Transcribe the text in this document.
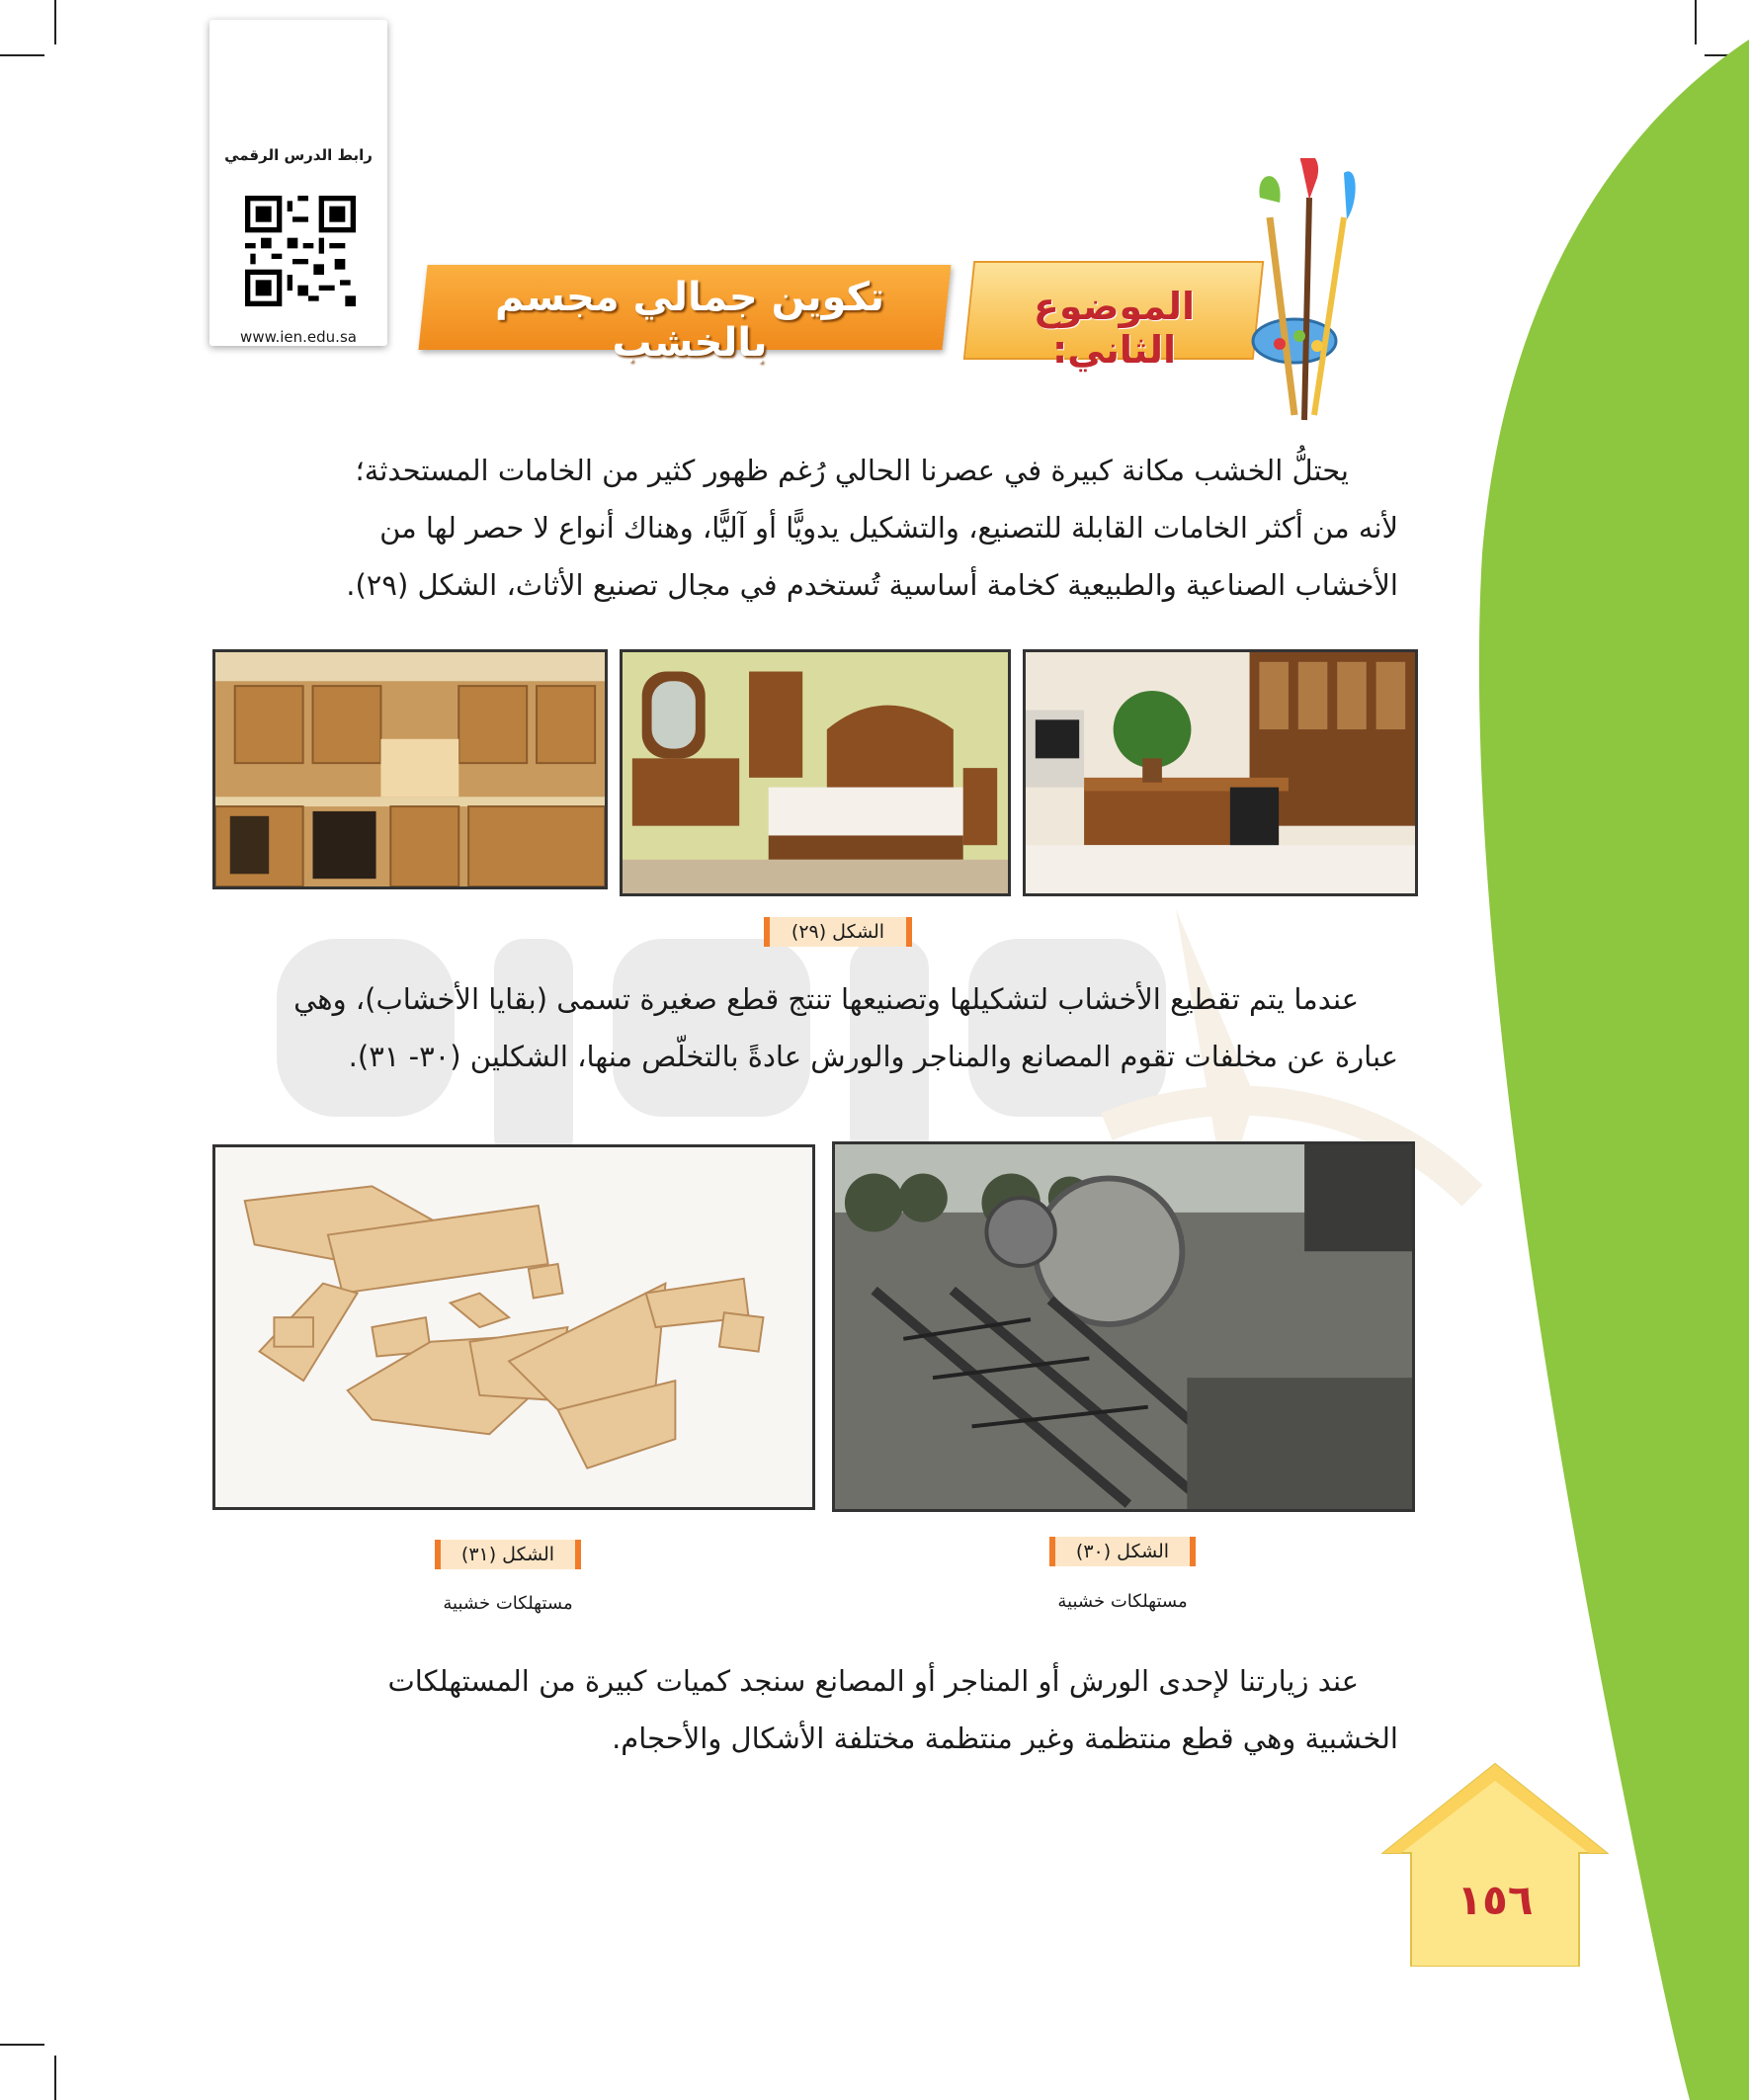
رابط الدرس الرقمي
www.ien.edu.sa
تكوين جمالي مجسم بالخشب
الموضوع الثاني:

يحتلُّ الخشب مكانة كبيرة في عصرنا الحالي رُغم ظهور كثير من الخامات المستحدثة؛

لأنه من أكثر الخامات القابلة للتصنيع، والتشكيل يدويًّا أو آليًّا، وهناك أنواع لا حصر لها من

الأخشاب الصناعية والطبيعية كخامة أساسية تُستخدم في مجال تصنيع الأثاث، الشكل (٢٩).

الشكل (٢٩)

عندما يتم تقطيع الأخشاب لتشكيلها وتصنيعها تنتج قطع صغيرة تسمى (بقايا الأخشاب)، وهي

عبارة عن مخلفات تقوم المصانع والمناجر والورش عادةً بالتخلّص منها، الشكلين (٣٠- ٣١).

الشكل (٣٠)
مستهلكات خشبية
الشكل (٣١)
مستهلكات خشبية

عند زيارتنا لإحدى الورش أو المناجر أو المصانع سنجد كميات كبيرة من المستهلكات

الخشبية وهي قطع منتظمة وغير منتظمة مختلفة الأشكال والأحجام.

١٥٦
